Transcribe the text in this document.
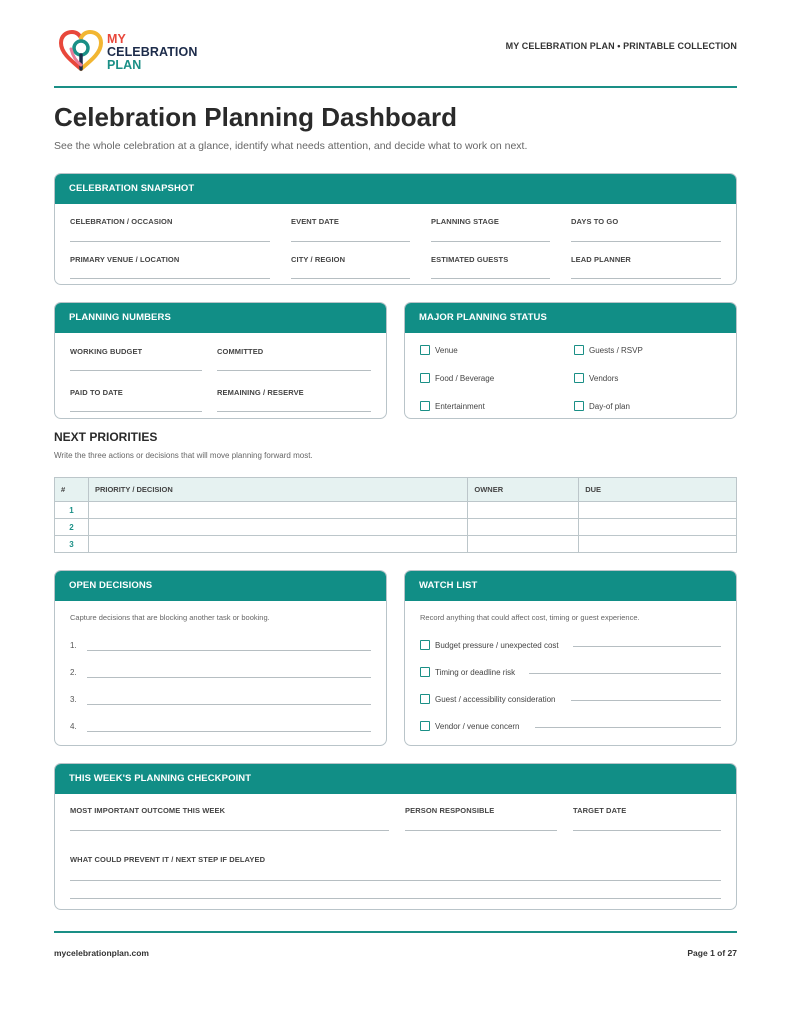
MY
CELEBRATION
PLAN
MY CELEBRATION PLAN • PRINTABLE COLLECTION
Celebration Planning Dashboard
See the whole celebration at a glance, identify what needs attention, and decide what to work on next.
CELEBRATION SNAPSHOT
CELEBRATION / OCCASION	EVENT DATE	PLANNING STAGE	DAYS TO GO
PRIMARY VENUE / LOCATION	CITY / REGION	ESTIMATED GUESTS	LEAD PLANNER
PLANNING NUMBERS
WORKING BUDGET	COMMITTED
PAID TO DATE	REMAINING / RESERVE
MAJOR PLANNING STATUS
Venue	Guests / RSVP
Food / Beverage	Vendors
Entertainment	Day-of plan
NEXT PRIORITIES
Write the three actions or decisions that will move planning forward most.
#	PRIORITY / DECISION	OWNER	DUE
1			
2			
3			
OPEN DECISIONS
Capture decisions that are blocking another task or booking.
1.
2.
3.
4.
WATCH LIST
Record anything that could affect cost, timing or guest experience.
Budget pressure / unexpected cost
Timing or deadline risk
Guest / accessibility consideration
Vendor / venue concern
THIS WEEK'S PLANNING CHECKPOINT
MOST IMPORTANT OUTCOME THIS WEEK	PERSON RESPONSIBLE	TARGET DATE
WHAT COULD PREVENT IT / NEXT STEP IF DELAYED
mycelebrationplan.com	Page 1 of 27
